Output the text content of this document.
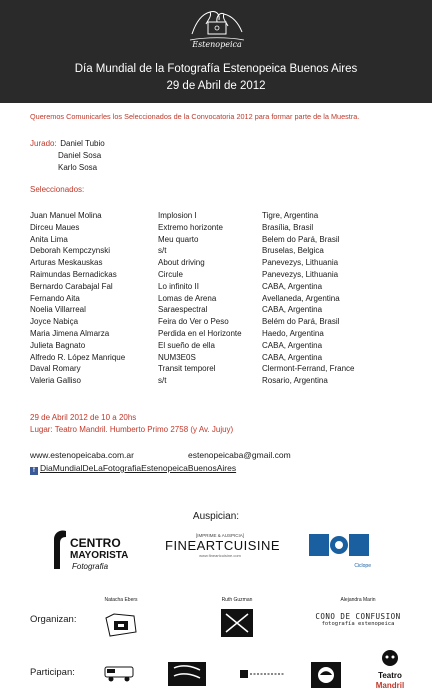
Estenopeica
Día Mundial de la Fotografía Estenopeica Buenos Aires
29 de Abril de 2012
Queremos Comunicarles los Seleccionados de la Convocatoria 2012 para formar parte de la Muestra.
Jurado: Daniel Tubio
Daniel Sosa
Karlo Sosa
Seleccionados:
Juan Manuel Molina	Implosion I	Tigre, Argentina
Dirceu Maues	Extremo horizonte	Brasília, Brasil
Anita Lima	Meu quarto	Belem do Pará, Brasil
Deborah Kempczynski	s/t	Bruselas, Belgica
Arturas Meskauskas	About driving	Panevezys, Lithuania
Raimundas Bernadickas	Circule	Panevezys, Lithuania
Bernardo Carabajal Fal	Lo infinito II	CABA, Argentina
Fernando Aita	Lomas de Arena	Avellaneda, Argentina
Noelia Villarreal	Saraespectral	CABA, Argentina
Joyce Nabiça	Feira do Ver o Peso	Belém do Pará, Brasil
Maria Jimena Almarza	Perdida en el Horizonte	Haedo, Argentina
Julieta Bagnato	El sueño de ella	CABA, Argentina
Alfredo R. López Manrique	NUM3E0S	CABA, Argentina
Daval Romary	Transit temporel	Clermont-Ferrand, France
Valeria Galliso	s/t	Rosario, Argentina
29 de Abril 2012 de 10 a 20hs
Lugar: Teatro Mandril. Humberto Primo 2758 (y Av. Jujuy)
www.estenopeicaba.com.ar	estenopeicaba@gmail.com
f DiaMundialDeLaFotografiaEstenopeicaBuenosAires
Auspician:
CENTRO
MAYORISTA
Fotografia
[IMPRIME & AUSPICIA]
FINEARTCUISINE
www.fineartcuisine.com
Ciclope
Organizan:
Natacha Ebers	Ruth Guzman	Alejandra Marin
CONO DE CONFUSION
fotografía estenopeica
Participan:	Teatro
Mandril
